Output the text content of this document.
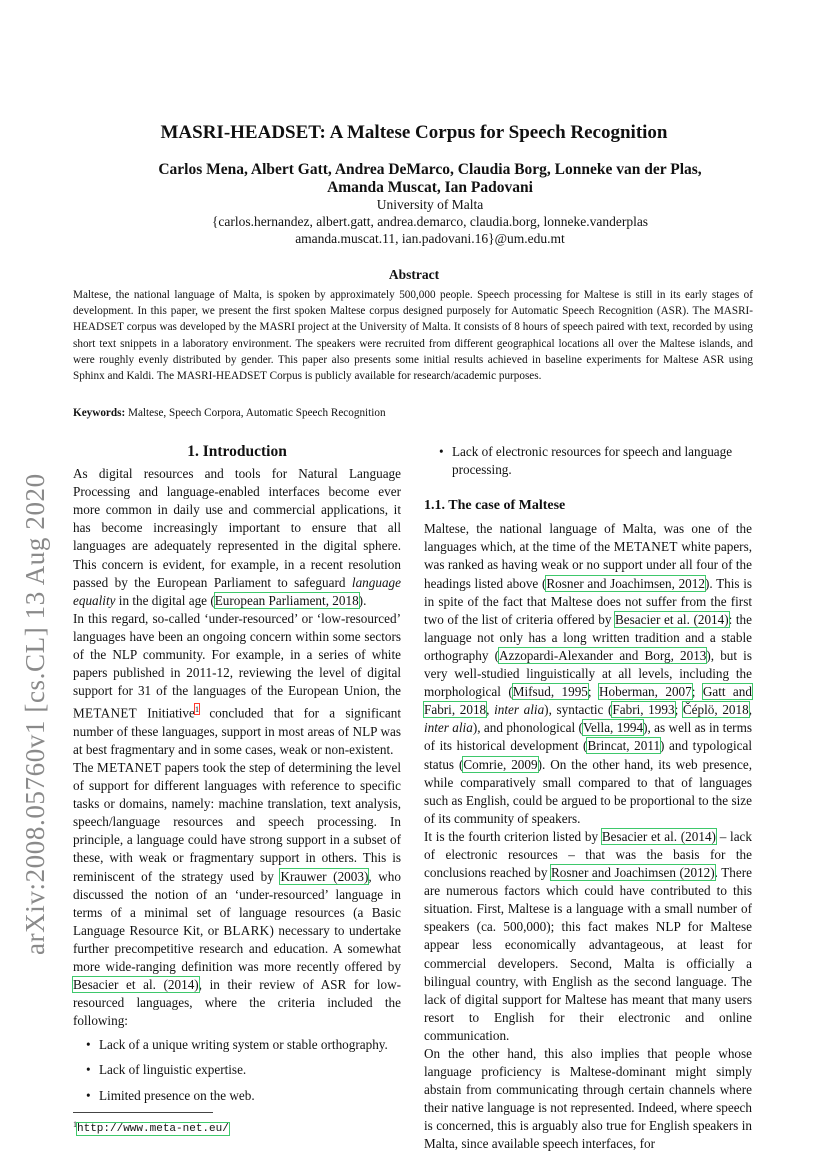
arXiv:2008.05760v1 [cs.CL] 13 Aug 2020
MASRI-HEADSET: A Maltese Corpus for Speech Recognition
Carlos Mena, Albert Gatt, Andrea DeMarco, Claudia Borg, Lonneke van der Plas,
Amanda Muscat, Ian Padovani
University of Malta
{carlos.hernandez, albert.gatt, andrea.demarco, claudia.borg, lonneke.vanderplas
amanda.muscat.11, ian.padovani.16}@um.edu.mt
Abstract
Maltese, the national language of Malta, is spoken by approximately 500,000 people. Speech processing for Maltese is still in its early stages of development. In this paper, we present the first spoken Maltese corpus designed purposely for Automatic Speech Recognition (ASR). The MASRI-HEADSET corpus was developed by the MASRI project at the University of Malta. It consists of 8 hours of speech paired with text, recorded by using short text snippets in a laboratory environment. The speakers were recruited from different geographical locations all over the Maltese islands, and were roughly evenly distributed by gender. This paper also presents some initial results achieved in baseline experiments for Maltese ASR using Sphinx and Kaldi. The MASRI-HEADSET Corpus is publicly available for research/academic purposes.
Keywords: Maltese, Speech Corpora, Automatic Speech Recognition
1. Introduction

As digital resources and tools for Natural Language Processing and language-enabled interfaces become ever more common in daily use and commercial applications, it has become increasingly important to ensure that all languages are adequately represented in the digital sphere. This concern is evident, for example, in a recent resolution passed by the European Parliament to safeguard language equality in the digital age (European Parliament, 2018).

In this regard, so-called ‘under-resourced’ or ‘low-resourced’ languages have been an ongoing concern within some sectors of the NLP community. For example, in a series of white papers published in 2011-12, reviewing the level of digital support for 31 of the languages of the European Union, the METANET Initiative$^1$ concluded that for a significant number of these languages, support in most areas of NLP was at best fragmentary and in some cases, weak or non-existent.

The METANET papers took the step of determining the level of support for different languages with reference to specific tasks or domains, namely: machine translation, text analysis, speech/language resources and speech processing. In principle, a language could have strong support in a subset of these, with weak or fragmentary support in others. This is reminiscent of the strategy used by Krauwer (2003), who discussed the notion of an ‘under-resourced’ language in terms of a minimal set of language resources (a Basic Language Resource Kit, or BLARK) necessary to undertake further precompetitive research and education. A somewhat more wide-ranging definition was more recently offered by Besacier et al. (2014), in their review of ASR for low-resourced languages, where the criteria included the following:

• Lack of a unique writing system or stable orthography.
• Lack of linguistic expertise.
• Limited presence on the web.
$^1$http://www.meta-net.eu/
• Lack of electronic resources for speech and language processing.
1.1. The case of Maltese

Maltese, the national language of Malta, was one of the languages which, at the time of the METANET white papers, was ranked as having weak or no support under all four of the headings listed above (Rosner and Joachimsen, 2012). This is in spite of the fact that Maltese does not suffer from the first two of the list of criteria offered by Besacier et al. (2014): the language not only has a long written tradition and a stable orthography (Azzopardi-Alexander and Borg, 2013), but is very well-studied linguistically at all levels, including the morphological (Mifsud, 1995; Hoberman, 2007; Gatt and Fabri, 2018, inter alia), syntactic (Fabri, 1993; Čéplö, 2018, inter alia), and phonological (Vella, 1994), as well as in terms of its historical development (Brincat, 2011) and typological status (Comrie, 2009). On the other hand, its web presence, while comparatively small compared to that of languages such as English, could be argued to be proportional to the size of its community of speakers.

It is the fourth criterion listed by Besacier et al. (2014) – lack of electronic resources – that was the basis for the conclusions reached by Rosner and Joachimsen (2012). There are numerous factors which could have contributed to this situation. First, Maltese is a language with a small number of speakers (ca. 500,000); this fact makes NLP for Maltese appear less economically advantageous, at least for commercial developers. Second, Malta is officially a bilingual country, with English as the second language. The lack of digital support for Maltese has meant that many users resort to English for their electronic and online communication.

On the other hand, this also implies that people whose language proficiency is Maltese-dominant might simply abstain from communicating through certain channels where their native language is not represented. Indeed, where speech is concerned, this is arguably also true for English speakers in Malta, since available speech interfaces, for
